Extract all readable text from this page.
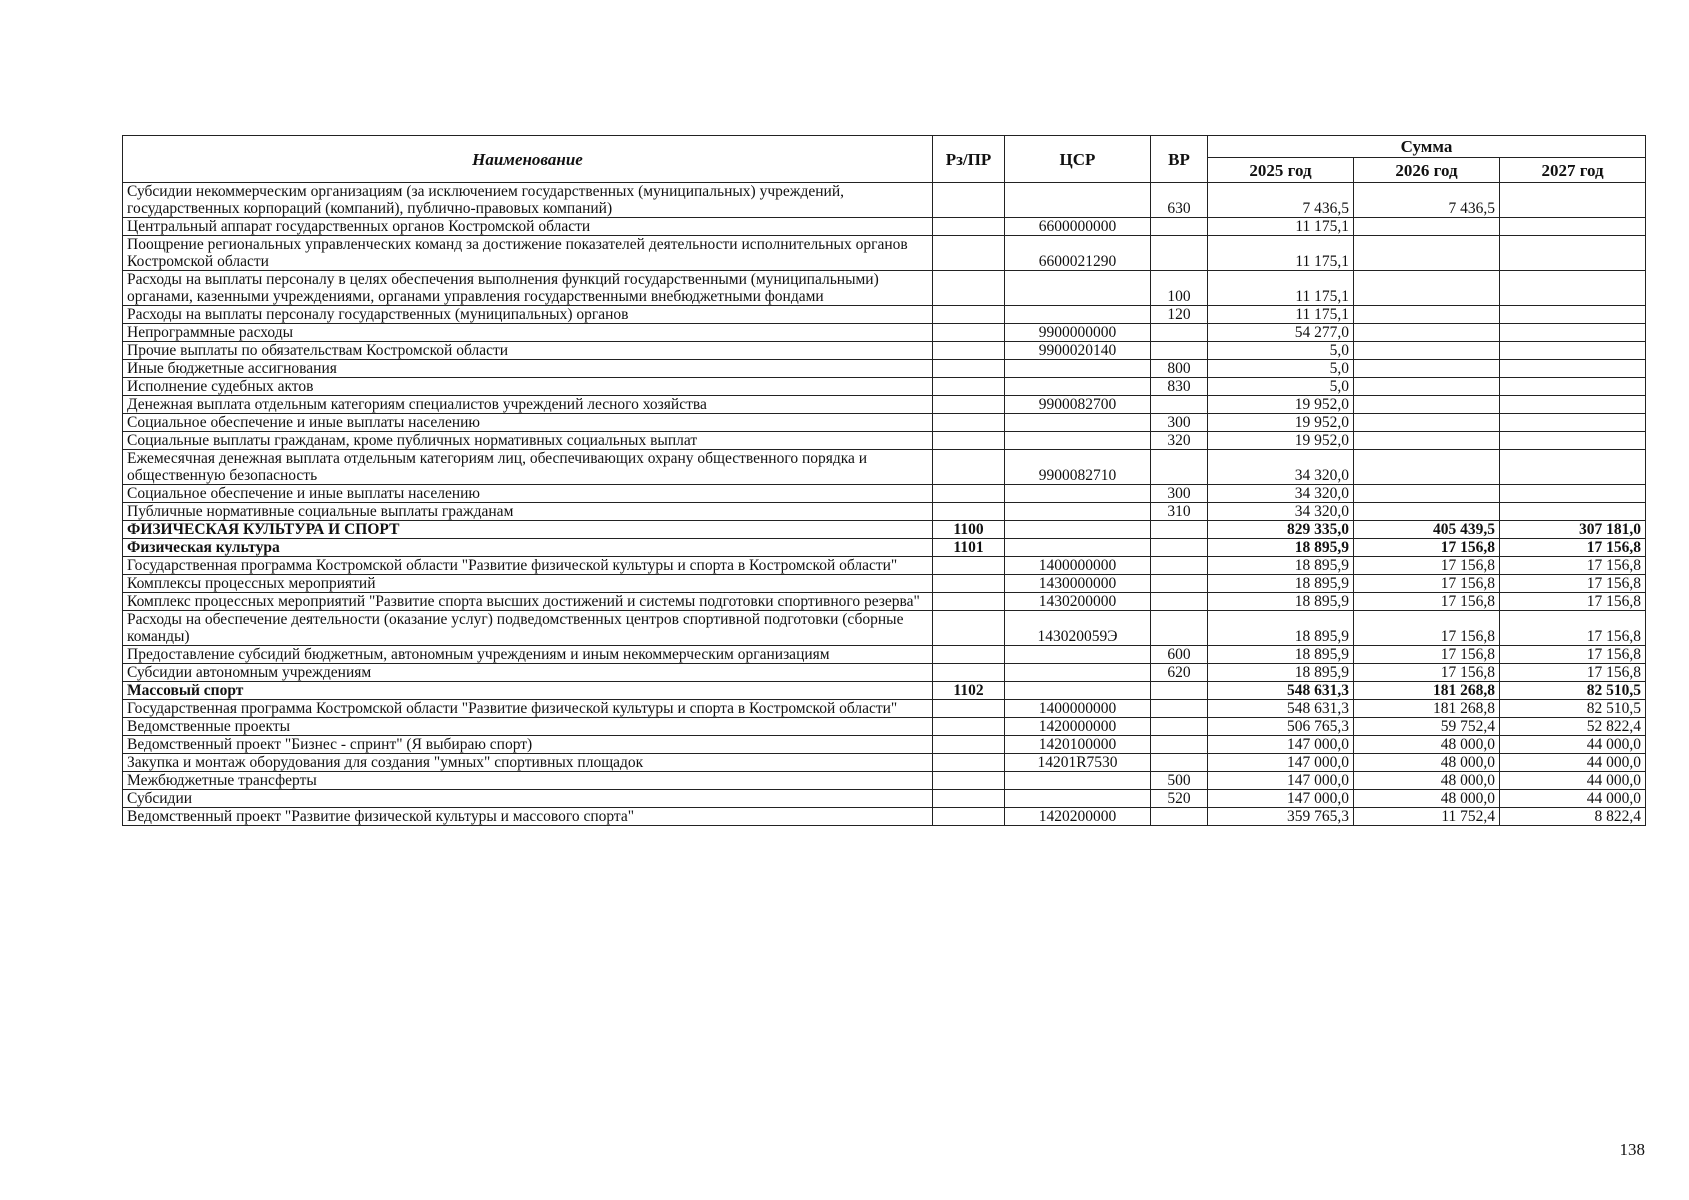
Наименование	Рз/ПР	ЦСР	ВР	Сумма		
				2025 год	2026 год	2027 год
Субсидии некоммерческим организациям (за исключением государственных (муниципальных) учреждений, государственных корпораций (компаний), публично-правовых компаний)			630	7 436,5	7 436,5	
Центральный аппарат государственных органов Костромской области		6600000000		11 175,1		
Поощрение региональных управленческих команд за достижение показателей деятельности исполнительных органов Костромской области		6600021290		11 175,1		
Расходы на выплаты персоналу в целях обеспечения выполнения функций государственными (муниципальными) органами, казенными учреждениями, органами управления государственными внебюджетными фондами			100	11 175,1		
Расходы на выплаты персоналу государственных (муниципальных) органов			120	11 175,1		
Непрограммные расходы		9900000000		54 277,0		
Прочие выплаты по обязательствам Костромской области		9900020140		5,0		
Иные бюджетные ассигнования			800	5,0		
Исполнение судебных актов			830	5,0		
Денежная выплата отдельным категориям специалистов учреждений лесного хозяйства		9900082700		19 952,0		
Социальное обеспечение и иные выплаты населению			300	19 952,0		
Социальные выплаты гражданам, кроме публичных нормативных социальных выплат			320	19 952,0		
Ежемесячная денежная выплата отдельным категориям лиц, обеспечивающих охрану общественного порядка и общественную безопасность		9900082710		34 320,0		
Социальное обеспечение и иные выплаты населению			300	34 320,0		
Публичные нормативные социальные выплаты гражданам			310	34 320,0		
ФИЗИЧЕСКАЯ КУЛЬТУРА И СПОРТ	1100			829 335,0	405 439,5	307 181,0
Физическая культура	1101			18 895,9	17 156,8	17 156,8
Государственная программа Костромской области "Развитие физической культуры и спорта в Костромской области"		1400000000		18 895,9	17 156,8	17 156,8
Комплексы процессных мероприятий		1430000000		18 895,9	17 156,8	17 156,8
Комплекс процессных мероприятий "Развитие спорта высших достижений и системы подготовки спортивного резерва"		1430200000		18 895,9	17 156,8	17 156,8
Расходы на обеспечение деятельности (оказание услуг) подведомственных центров спортивной подготовки (сборные команды)		143020059Э		18 895,9	17 156,8	17 156,8
Предоставление субсидий бюджетным, автономным учреждениям и иным некоммерческим организациям			600	18 895,9	17 156,8	17 156,8
Субсидии автономным учреждениям			620	18 895,9	17 156,8	17 156,8
Массовый спорт	1102			548 631,3	181 268,8	82 510,5
Государственная программа Костромской области "Развитие физической культуры и спорта в Костромской области"		1400000000		548 631,3	181 268,8	82 510,5
Ведомственные проекты		1420000000		506 765,3	59 752,4	52 822,4
Ведомственный проект "Бизнес - спринт" (Я выбираю спорт)		1420100000		147 000,0	48 000,0	44 000,0
Закупка и монтаж оборудования для создания "умных" спортивных площадок		14201R7530		147 000,0	48 000,0	44 000,0
Межбюджетные трансферты			500	147 000,0	48 000,0	44 000,0
Субсидии			520	147 000,0	48 000,0	44 000,0
Ведомственный проект "Развитие физической культуры и массового спорта"		1420200000		359 765,3	11 752,4	8 822,4
138
